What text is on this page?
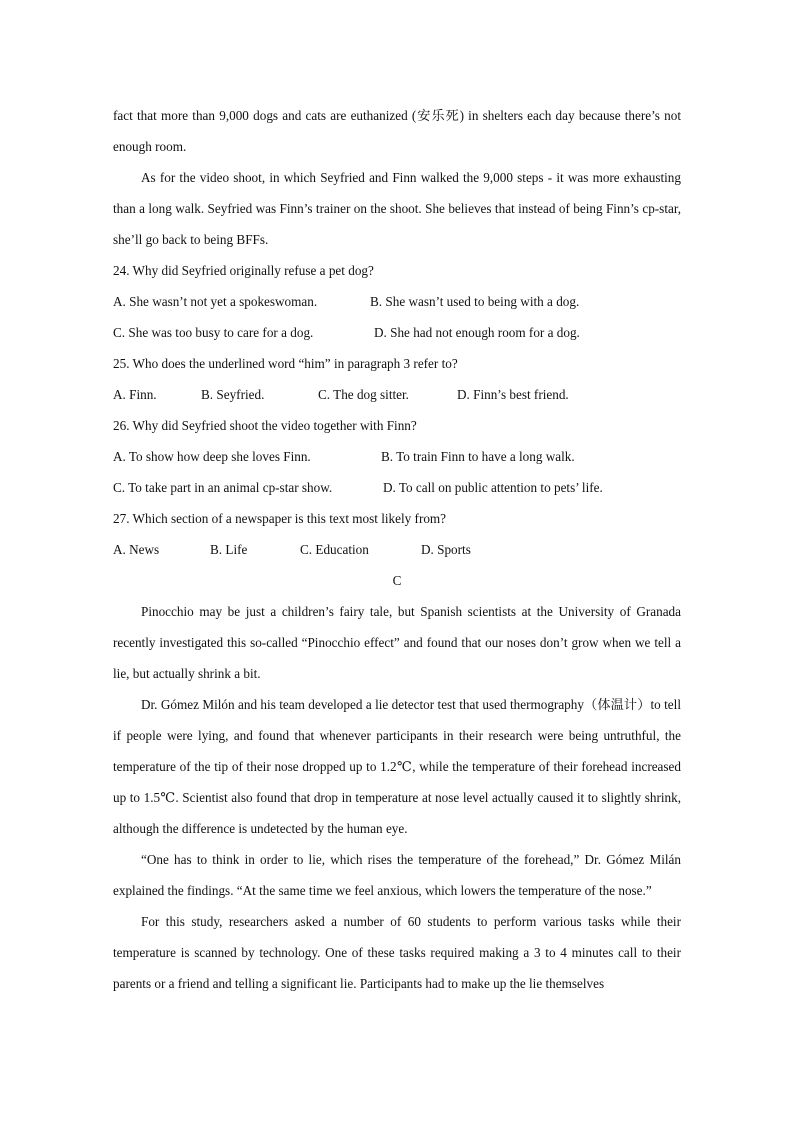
fact that more than 9,000 dogs and cats are euthanized (安乐死) in shelters each day because there’s not enough room.

As for the video shoot, in which Seyfried and Finn walked the 9,000 steps - it was more exhausting than a long walk. Seyfried was Finn’s trainer on the shoot. She believes that instead of being Finn’s cp-star, she’ll go back to being BFFs.

24. Why did Seyfried originally refuse a pet dog?

A. She wasn’t not yet a spokeswoman.	B. She wasn’t used to being with a dog.
C. She was too busy to care for a dog.	D. She had not enough room for a dog.

25. Who does the underlined word “him” in paragraph 3 refer to?

A. Finn.	B. Seyfried.	C. The dog sitter.	D. Finn’s best friend.

26. Why did Seyfried shoot the video together with Finn?

A. To show how deep she loves Finn.	B. To train Finn to have a long walk.
C. To take part in an animal cp-star show.	D. To call on public attention to pets’ life.

27. Which section of a newspaper is this text most likely from?

A. News	B. Life	C. Education	D. Sports

C

Pinocchio may be just a children’s fairy tale, but Spanish scientists at the University of Granada recently investigated this so-called “Pinocchio effect” and found that our noses don’t grow when we tell a lie, but actually shrink a bit.

Dr. Gómez Milón and his team developed a lie detector test that used thermography（体温计）to tell if people were lying, and found that whenever participants in their research were being untruthful, the temperature of the tip of their nose dropped up to 1.2℃, while the temperature of their forehead increased up to 1.5℃. Scientist also found that drop in temperature at nose level actually caused it to slightly shrink, although the difference is undetected by the human eye.

“One has to think in order to lie, which rises the temperature of the forehead,” Dr. Gómez Milán explained the findings. “At the same time we feel anxious, which lowers the temperature of the nose.”

For this study, researchers asked a number of 60 students to perform various tasks while their temperature is scanned by technology. One of these tasks required making a 3 to 4 minutes call to their parents or a friend and telling a significant lie. Participants had to make up the lie themselves
